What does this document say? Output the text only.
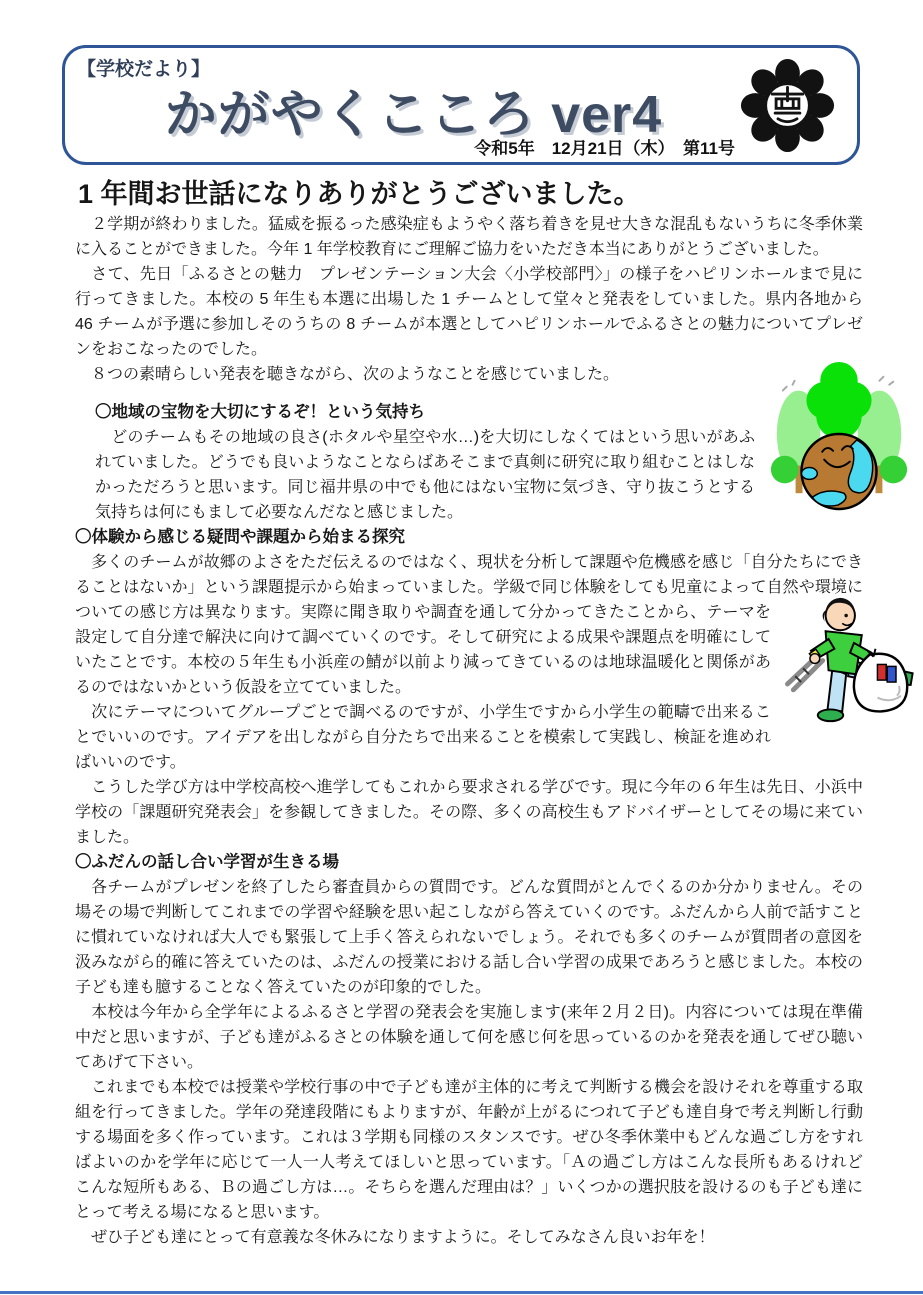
【学校だより】
かがやくこころ ver4
令和5年　12月21日（木）　第11号
1 年間お世話になりありがとうございました。

　２学期が終わりました。猛威を振るった感染症もようやく落ち着きを見せ大きな混乱もないうちに冬季休業に入ることができました。今年 1 年学校教育にご理解ご協力をいただき本当にありがとうございました。

　さて、先日「ふるさとの魅力　プレゼンテーション大会〈小学校部門〉」の様子をハピリンホールまで見に行ってきました。本校の 5 年生も本選に出場した 1 チームとして堂々と発表をしていました。県内各地から 46 チームが予選に参加しそのうちの 8 チームが本選としてハピリンホールでふるさとの魅力についてプレゼンをおこなったのでした。

　８つの素晴らしい発表を聴きながら、次のようなことを感じていました。

〇地域の宝物を大切にするぞ！という気持ち

　どのチームもその地域の良さ(ホタルや星空や水…)を大切にしなくてはという思いがあふれていました。どうでも良いようなことならばあそこまで真剣に研究に取り組むことはしなかっただろうと思います。同じ福井県の中でも他にはない宝物に気づき、守り抜こうとする気持ちは何にもまして必要なんだなと感じました。

〇体験から感じる疑問や課題から始まる探究
　多くのチームが故郷のよさをただ伝えるのではなく、現状を分析して課題や危機感を感じ「自分たちにできることはないか」という課題提示から始まっていました。学級で同じ体験をしても児童によって自然や環境についての感じ方は異なります。
実際に聞き取りや調査を通して分かってきたことから、テーマを設定して自分達で解決に向けて調べていくのです。そして研究による成果や課題点を明確にしていたことです。本校の５年生も小浜産の鯖が以前より減ってきているのは地球温暖化と関係があるのではないかという仮設を立てていました。

　次にテーマについてグループごとで調べるのですが、小学生ですから小学生の範疇で出来ることでいいのです。アイデアを出しながら自分たちで出来ることを模索して実践し、検証を進めればいいのです。

　こうした学び方は中学校高校へ進学してもこれから要求される学びです。現に今年の６年生は先日、小浜中学校の「課題研究発表会」を参観してきました。その際、多くの高校生もアドバイザーとしてその場に来ていました。

〇ふだんの話し合い学習が生きる場

　各チームがプレゼンを終了したら審査員からの質問です。どんな質問がとんでくるのか分かりません。その場その場で判断してこれまでの学習や経験を思い起こしながら答えていくのです。ふだんから人前で話すことに慣れていなければ大人でも緊張して上手く答えられないでしょう。それでも多くのチームが質問者の意図を汲みながら的確に答えていたのは、ふだんの授業における話し合い学習の成果であろうと感じました。本校の子ども達も臆することなく答えていたのが印象的でした。

　本校は今年から全学年によるふるさと学習の発表会を実施します(来年２月２日)。内容については現在準備中だと思いますが、子ども達がふるさとの体験を通して何を感じ何を思っているのかを発表を通してぜひ聴いてあげて下さい。

　これまでも本校では授業や学校行事の中で子ども達が主体的に考えて判断する機会を設けそれを尊重する取組を行ってきました。学年の発達段階にもよりますが、年齢が上がるにつれて子ども達自身で考え判断し行動する場面を多く作っています。これは３学期も同様のスタンスです。ぜひ冬季休業中もどんな過ごし方をすればよいのかを学年に応じて一人一人考えてほしいと思っています。「Ａの過ごし方はこんな長所もあるけれどこんな短所もある、Ｂの過ごし方は…。そちらを選んだ理由は？」いくつかの選択肢を設けるのも子ども達にとって考える場になると思います。

　ぜひ子ども達にとって有意義な冬休みになりますように。そしてみなさん良いお年を！
